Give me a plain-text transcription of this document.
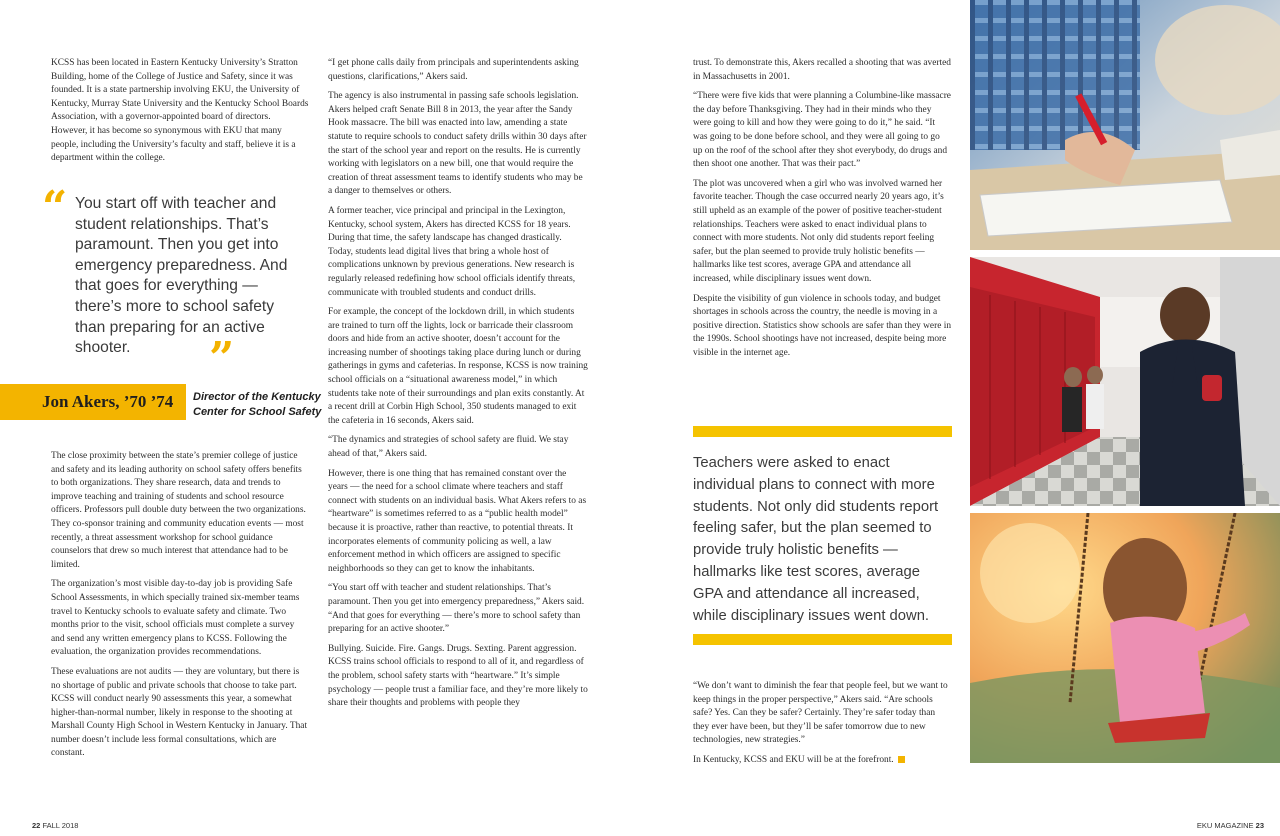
KCSS has been located in Eastern Kentucky University’s Stratton Building, home of the College of Justice and Safety, since it was founded. It is a state partnership involving EKU, the University of Kentucky, Murray State University and the Kentucky School Boards Association, with a governor-appointed board of directors. However, it has become so synonymous with EKU that many people, including the University’s faculty and staff, believe it is a department within the college.

“ You start off with teacher and student relationships. That’s paramount. Then you get into emergency preparedness. And that goes for everything — there’s more to school safety than preparing for an active shooter.	”
Jon Akers, ’70 ’74 Director of the Kentucky Center for School Safety

The close proximity between the state’s premier college of justice and safety and its leading authority on school safety offers benefits to both organizations. They share research, data and trends to improve teaching and training of students and school resource officers. Professors pull double duty between the two organizations. They co-sponsor training and community education events — most recently, a threat assessment workshop for school guidance counselors that drew so much interest that attendance had to be limited.

The organization’s most visible day-to-day job is providing Safe School Assessments, in which specially trained six-member teams travel to Kentucky schools to evaluate safety and climate. Two months prior to the visit, school officials must complete a survey and send any written emergency plans to KCSS. Following the evaluation, the organization provides recommendations.

These evaluations are not audits — they are voluntary, but there is no shortage of public and private schools that choose to take part. KCSS will conduct nearly 90 assessments this year, a somewhat higher-than-normal number, likely in response to the shooting at Marshall County High School in Western Kentucky in January. That number doesn’t include less formal consultations, which are constant.

“I get phone calls daily from principals and superintendents asking questions, clarifications,” Akers said.

The agency is also instrumental in passing safe schools legislation. Akers helped craft Senate Bill 8 in 2013, the year after the Sandy Hook massacre. The bill was enacted into law, amending a state statute to require schools to conduct safety drills within 30 days after the start of the school year and report on the results. He is currently working with legislators on a new bill, one that would require the creation of threat assessment teams to identify students who may be a danger to themselves or others.

A former teacher, vice principal and principal in the Lexington, Kentucky, school system, Akers has directed KCSS for 18 years. During that time, the safety landscape has changed drastically. Today, students lead digital lives that bring a whole host of complications unknown by previous generations. New research is regularly released redefining how school officials identify threats, communicate with troubled students and conduct drills.

For example, the concept of the lockdown drill, in which students are trained to turn off the lights, lock or barricade their classroom doors and hide from an active shooter, doesn’t account for the increasing number of shootings taking place during lunch or during gatherings in gyms and cafeterias. In response, KCSS is now training school officials on a “situational awareness model,” in which students take note of their surroundings and plan exits constantly. At a recent drill at Corbin High School, 350 students managed to exit the cafeteria in 16 seconds, Akers said.

“The dynamics and strategies of school safety are fluid. We stay ahead of that,” Akers said.

However, there is one thing that has remained constant over the years — the need for a school climate where teachers and staff connect with students on an individual basis. What Akers refers to as “heartware” is sometimes referred to as a “public health model” because it is proactive, rather than reactive, to potential threats. It incorporates elements of community policing as well, a law enforcement method in which officers are assigned to specific neighborhoods so they can get to know the inhabitants.

“You start off with teacher and student relationships. That’s paramount. Then you get into emergency preparedness,” Akers said. “And that goes for everything — there’s more to school safety than preparing for an active shooter.”

Bullying. Suicide. Fire. Gangs. Drugs. Sexting. Parent aggression. KCSS trains school officials to respond to all of it, and regardless of the problem, school safety starts with “heartware.” It’s simple psychology — people trust a familiar face, and they’re more likely to share their thoughts and problems with people they

trust. To demonstrate this, Akers recalled a shooting that was averted in Massachusetts in 2001.

“There were five kids that were planning a Columbine-like massacre the day before Thanksgiving. They had in their minds who they were going to kill and how they were going to do it,” he said. “It was going to be done before school, and they were all going to go up on the roof of the school after they shot everybody, do drugs and then shoot one another. That was their pact.”

The plot was uncovered when a girl who was involved warned her favorite teacher. Though the case occurred nearly 20 years ago, it’s still upheld as an example of the power of positive teacher-student relationships. Teachers were asked to enact individual plans to connect with more students. Not only did students report feeling safer, but the plan seemed to provide truly holistic benefits — hallmarks like test scores, average GPA and attendance all increased, while disciplinary issues went down.

Despite the visibility of gun violence in schools today, and budget shortages in schools across the country, the needle is moving in a positive direction. Statistics show schools are safer than they were in the 1990s. School shootings have not increased, despite being more visible in the internet age.

Teachers were asked to enact individual plans to connect with more students. Not only did students report feeling safer, but the plan seemed to provide truly holistic benefits — hallmarks like test scores, average GPA and attendance all increased, while disciplinary issues went down.

“We don’t want to diminish the fear that people feel, but we want to keep things in the proper perspective,” Akers said. “Are schools safe? Yes. Can they be safer? Certainly. They’re safer today than they ever have been, but they’ll be safer tomorrow due to new technologies, new strategies.”

In Kentucky, KCSS and EKU will be at the forefront.

22 FALL 2018	EKU MAGAZINE 23
